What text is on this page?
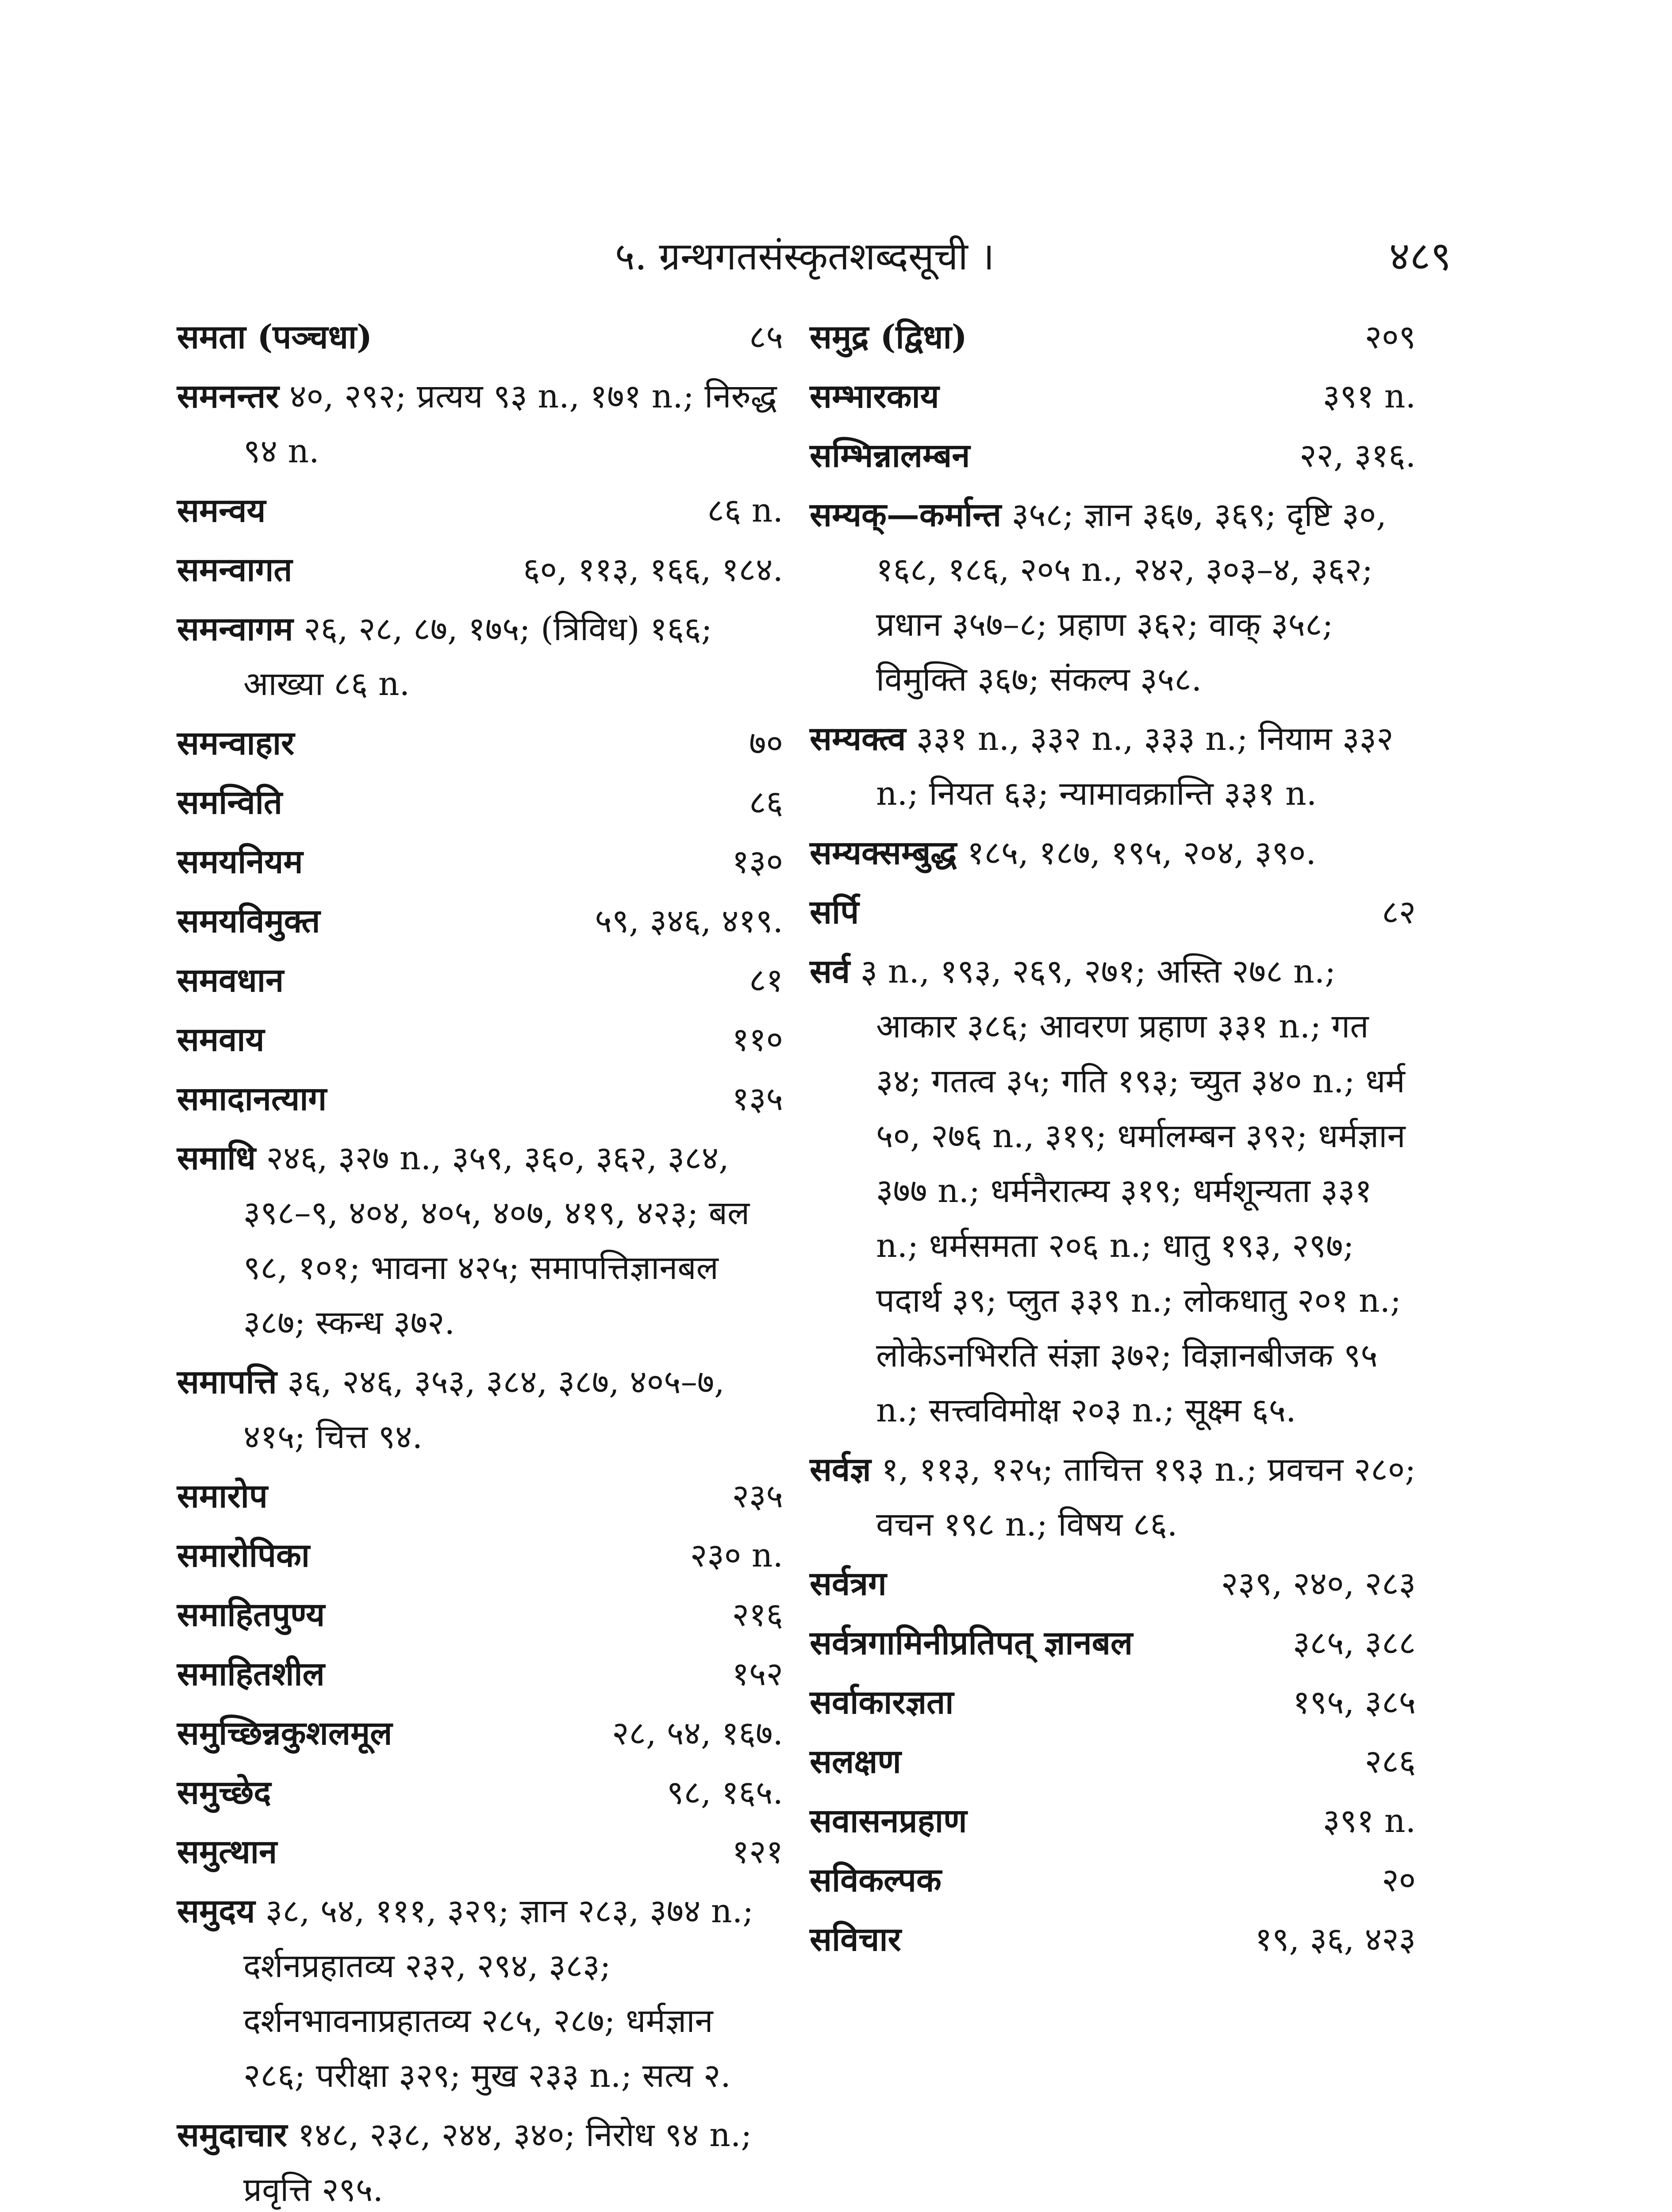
५. ग्रन्थगतसंस्कृतशब्दसूची ।	४८९
८५
समता (पञ्चधा)
समनन्तर ४०, २९२; प्रत्यय ९३ n., १७१ n.; निरुद्ध ९४ n.
८६ n.
समन्वय
६०, ११३, १६६, १८४.
समन्वागत
समन्वागम २६, २८, ८७, १७५; (त्रिविध) १६६; आख्या ८६ n.
७०
समन्वाहार
८६
समन्विति
१३०
समयनियम
५९, ३४६, ४१९.
समयविमुक्त
८१
समवधान
११०
समवाय
१३५
समादानत्याग
समाधि २४६, ३२७ n., ३५९, ३६०, ३६२, ३८४, ३९८–९, ४०४, ४०५, ४०७, ४१९, ४२३; बल ९८, १०१; भावना ४२५; समापत्तिज्ञानबल ३८७; स्कन्ध ३७२.
समापत्ति ३६, २४६, ३५३, ३८४, ३८७, ४०५–७, ४१५; चित्त ९४.
२३५
समारोप
२३० n.
समारोपिका
२१६
समाहितपुण्य
१५२
समाहितशील
२८, ५४, १६७.
समुच्छिन्नकुशलमूल
९८, १६५.
समुच्छेद
१२१
समुत्थान
समुदय ३८, ५४, १११, ३२९; ज्ञान २८३, ३७४ n.; दर्शनप्रहातव्य २३२, २९४, ३८३; दर्शनभावनाप्रहातव्य २८५, २८७; धर्मज्ञान २८६; परीक्षा ३२९; मुख २३३ n.; सत्य २.
समुदाचार १४८, २३८, २४४, ३४०; निरोध ९४ n.; प्रवृत्ति २९५.
२०९
समुद्र (द्विधा)
३९१ n.
सम्भारकाय
२२, ३१६.
सम्भिन्नालम्बन
सम्यक्—कर्मान्त ३५८; ज्ञान ३६७, ३६९; दृष्टि ३०, १६८, १८६, २०५ n., २४२, ३०३–४, ३६२; प्रधान ३५७–८; प्रहाण ३६२; वाक् ३५८; विमुक्ति ३६७; संकल्प ३५८.
सम्यक्त्व ३३१ n., ३३२ n., ३३३ n.; नियाम ३३२ n.; नियत ६३; न्यामावक्रान्ति ३३१ n.
सम्यक्सम्बुद्ध १८५, १८७, १९५, २०४, ३९०.
८२
सर्पि
सर्व ३ n., १९३, २६९, २७१; अस्ति २७८ n.; आकार ३८६; आवरण प्रहाण ३३१ n.; गत ३४; गतत्व ३५; गति १९३; च्युत ३४० n.; धर्म ५०, २७६ n., ३१९; धर्मालम्बन ३९२; धर्मज्ञान ३७७ n.; धर्मनैरात्म्य ३१९; धर्मशून्यता ३३१ n.; धर्मसमता २०६ n.; धातु १९३, २९७; पदार्थ ३९; प्लुत ३३९ n.; लोकधातु २०१ n.; लोकेऽनभिरति संज्ञा ३७२; विज्ञानबीजक ९५ n.; सत्त्वविमोक्ष २०३ n.; सूक्ष्म ६५.
सर्वज्ञ १, ११३, १२५; ताचित्त १९३ n.; प्रवचन २८०; वचन १९८ n.; विषय ८६.
२३९, २४०, २८३
सर्वत्रग
३८५, ३८८
सर्वत्रगामिनीप्रतिपत् ज्ञानबल
१९५, ३८५
सर्वाकारज्ञता
२८६
सलक्षण
३९१ n.
सवासनप्रहाण
२०
सविकल्पक
१९, ३६, ४२३
सविचार
